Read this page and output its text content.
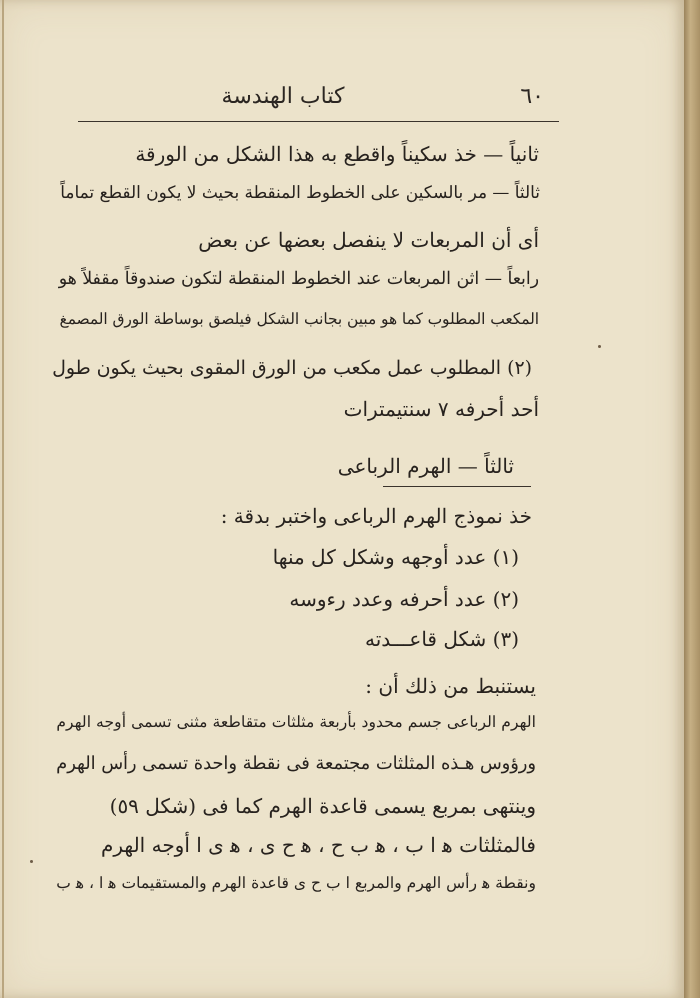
٦٠
كتاب الهندسة
ثانياً — خذ سكيناً واقطع به هذا الشكل من الورقة
ثالثاً — مر بالسكين على الخطوط المنقطة بحيث لا يكون القطع تماماً
أى أن المربعات لا ينفصل بعضها عن بعض
رابعاً — اثن المربعات عند الخطوط المنقطة لتكون صندوقاً مقفلاً هو
المكعب المطلوب كما هو مبين بجانب الشكل فيلصق بوساطة الورق المصمغ
(٢) المطلوب عمل مكعب من الورق المقوى بحيث يكون طول
أحد أحرفه ٧ سنتيمترات
ثالثاً — الهرم الرباعى
خذ نموذج الهرم الرباعى واختبر بدقة :
(١) عدد أوجهه وشكل كل منها
(٢) عدد أحرفه وعدد رءوسه
(٣) شكل قاعـــدته
يستنبط من ذلك أن :
الهرم الرباعى جسم محدود بأربعة مثلثات متقاطعة مثنى تسمى أوجه الهرم
ورؤوس هـذه المثلثات مجتمعة فى نقطة واحدة تسمى رأس الهرم
وينتهى بمربع يسمى قاعدة الهرم كما فى (شكل ٥٩)
فالمثلثات ﻫ ا ب ، ﻫ ب ح ، ﻫ ح ى ، ﻫ ى ا أوجه الهرم
ونقطة ﻫ رأس الهرم والمربع ا ب ح ى قاعدة الهرم والمستقيمات ﻫ ا ، ﻫ ب
